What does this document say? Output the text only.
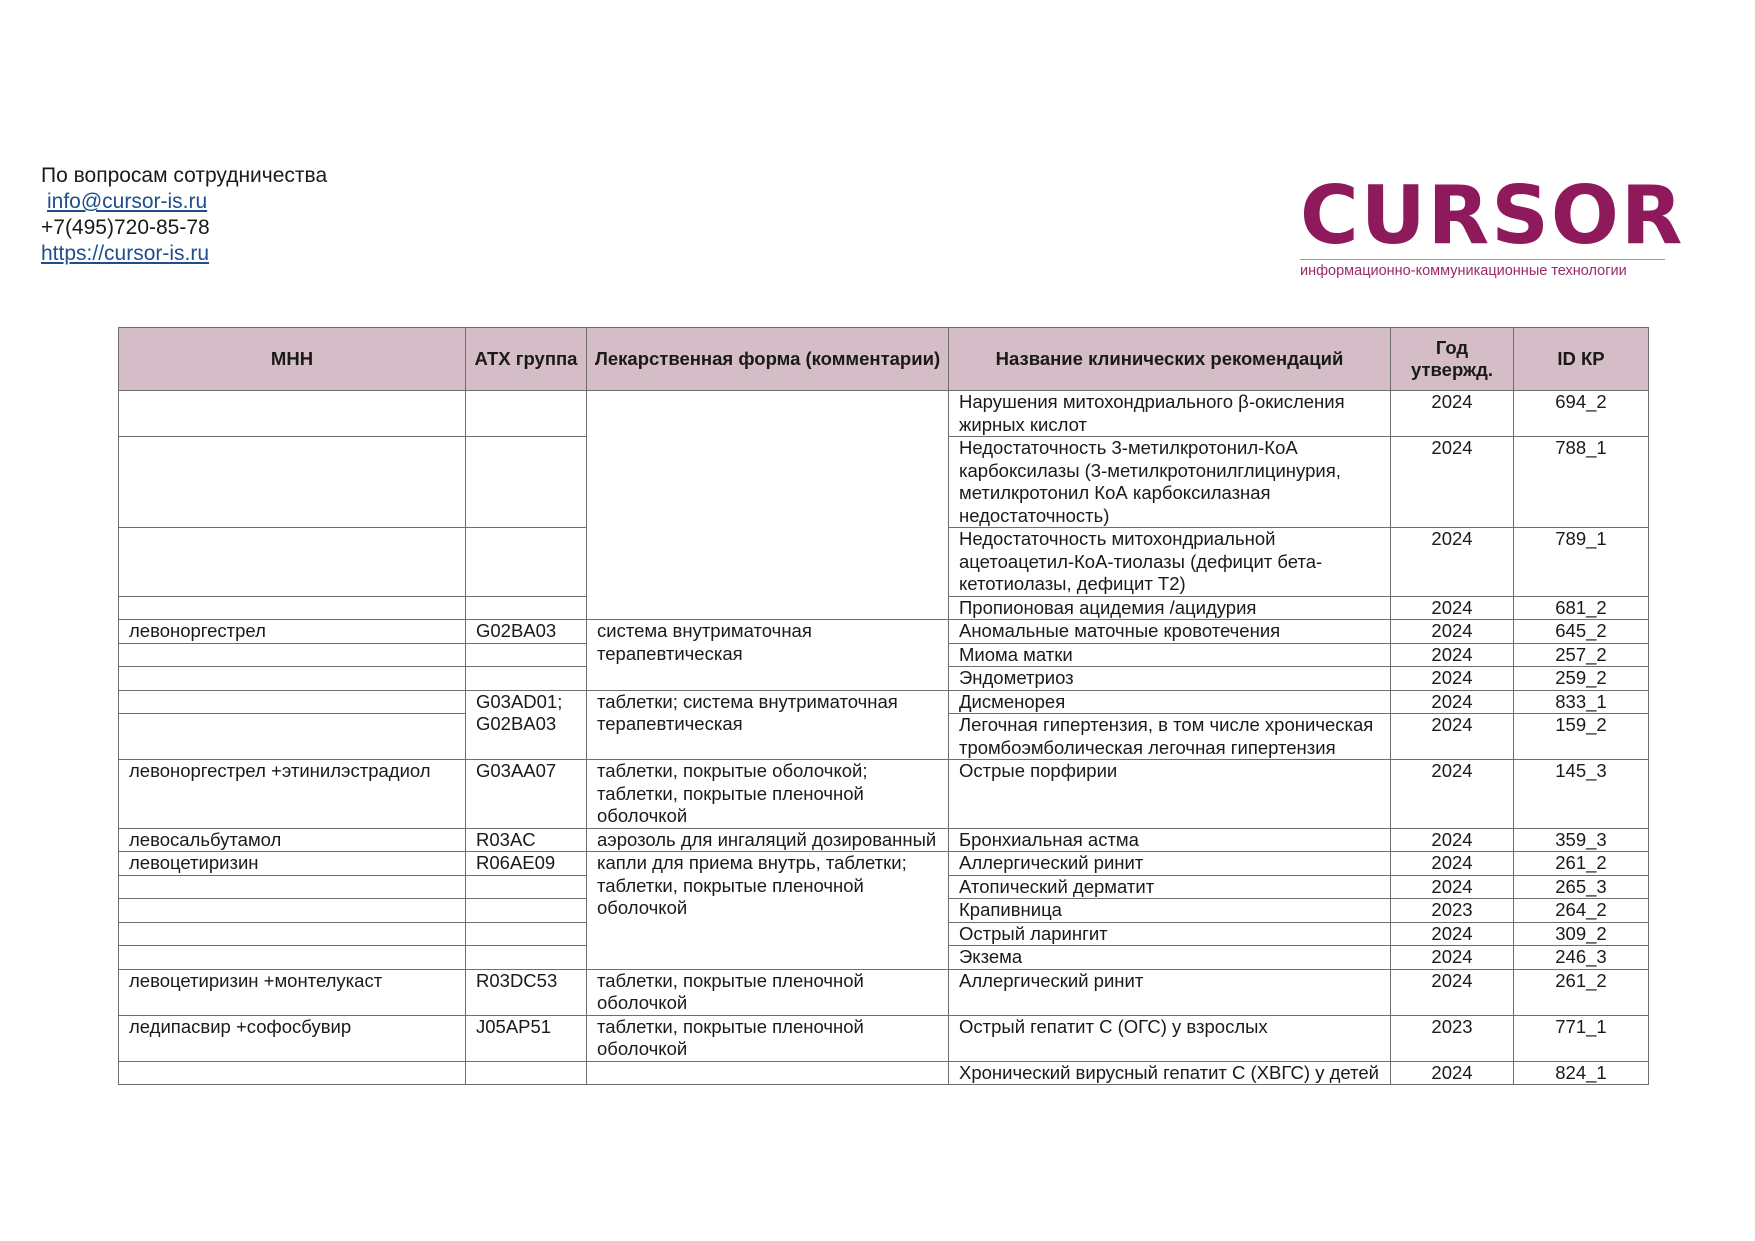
По вопросам сотрудничества
info@cursor-is.ru
+7(495)720-85-78
https://cursor-is.ru	CURSOR
информационно-коммуникационные технологии
МНН	АТХ группа	Лекарственная форма (комментарии)	Название клинических рекомендаций	Год утвержд.	ID КР
			Нарушения митохондриального β-окисления жирных кислот	2024	694_2
			Недостаточность 3-метилкротонил-КоА карбоксилазы (3-метилкротонилглицинурия, метилкротонил КоА карбоксилазная недостаточность)	2024	788_1
			Недостаточность митохондриальной ацетоацетил-КоА-тиолазы (дефицит бета-кетотиолазы, дефицит Т2)	2024	789_1
			Пропионовая ацидемия /ацидурия	2024	681_2
левоноргестрел	G02BA03	система внутриматочная терапевтическая	Аномальные маточные кровотечения	2024	645_2
			Миома матки	2024	257_2
			Эндометриоз	2024	259_2
	G03AD01; G02BA03	таблетки; система внутриматочная терапевтическая	Дисменорея	2024	833_1
			Легочная гипертензия, в том числе хроническая тромбоэмболическая легочная гипертензия	2024	159_2
левоноргестрел +этинилэстрадиол	G03AA07	таблетки, покрытые оболочкой; таблетки, покрытые пленочной оболочкой	Острые порфирии	2024	145_3
левосальбутамол	R03AC	аэрозоль для ингаляций дозированный	Бронхиальная астма	2024	359_3
левоцетиризин	R06AE09	капли для приема внутрь, таблетки; таблетки, покрытые пленочной оболочкой	Аллергический ринит	2024	261_2
			Атопический дерматит	2024	265_3
			Крапивница	2023	264_2
			Острый ларингит	2024	309_2
			Экзема	2024	246_3
левоцетиризин +монтелукаст	R03DC53	таблетки, покрытые пленочной оболочкой	Аллергический ринит	2024	261_2
ледипасвир +софосбувир	J05AP51	таблетки, покрытые пленочной оболочкой	Острый гепатит С (ОГС) у взрослых	2023	771_1
			Хронический вирусный гепатит С (ХВГС) у детей	2024	824_1
